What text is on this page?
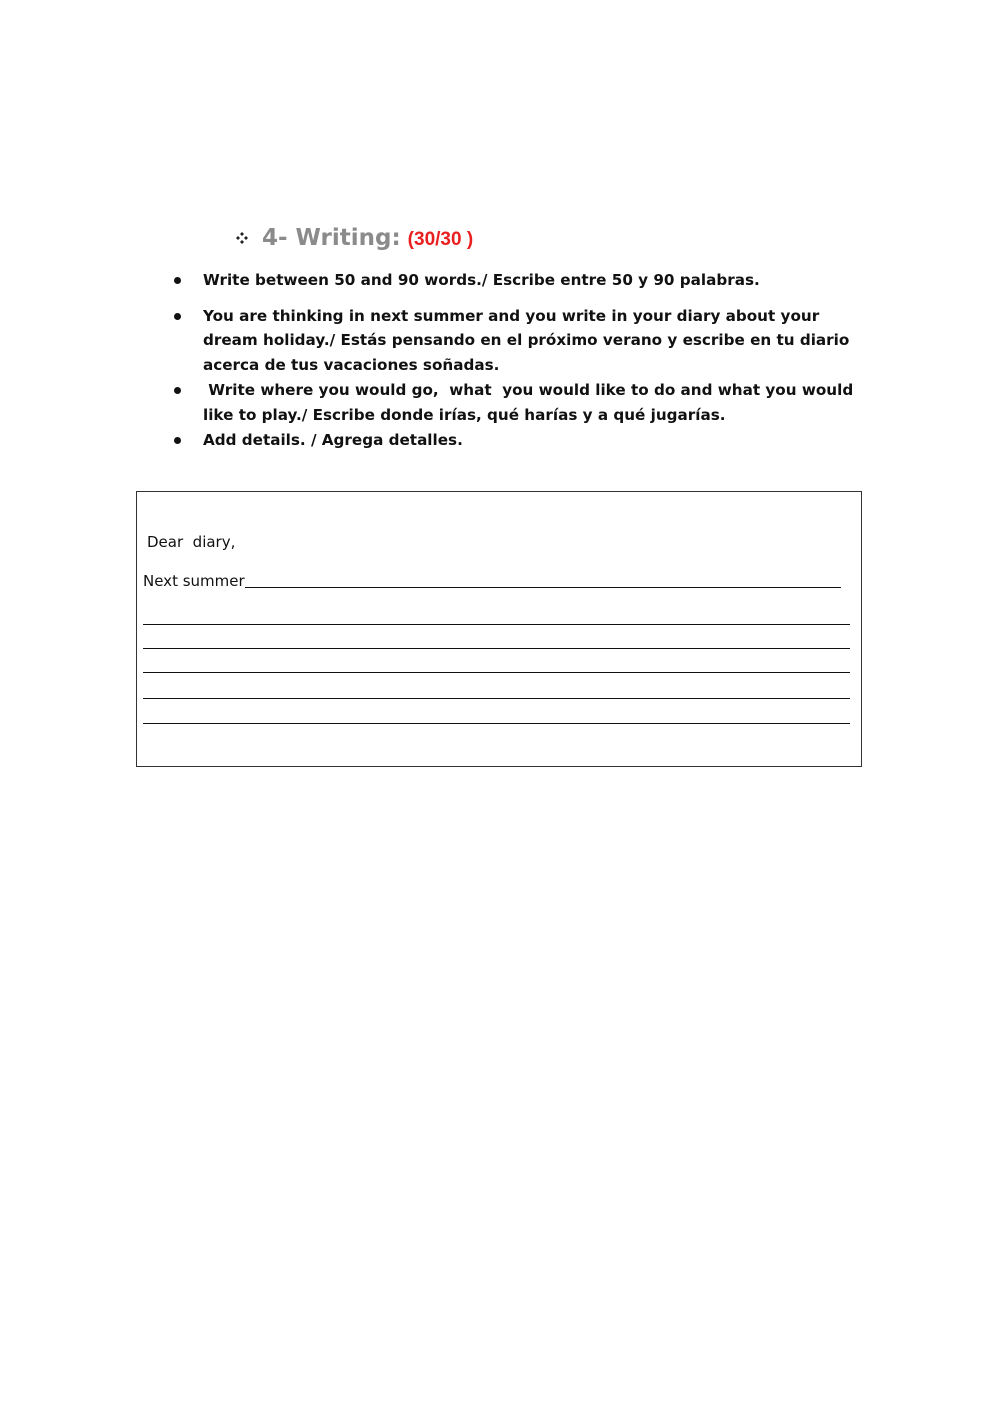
4- Writing: (30/30 )
Write between 50 and 90 words./ Escribe entre 50 y 90 palabras.
You are thinking in next summer and you write in your diary about your dream holiday./ Estás pensando en el próximo verano y escribe en tu diario acerca de tus vacaciones soñadas.
Write where you would go,  what  you would like to do and what you would like to play./ Escribe donde irías, qué harías y a qué jugarías.
Add details. / Agrega detalles.
Dear  diary,
Next summer
